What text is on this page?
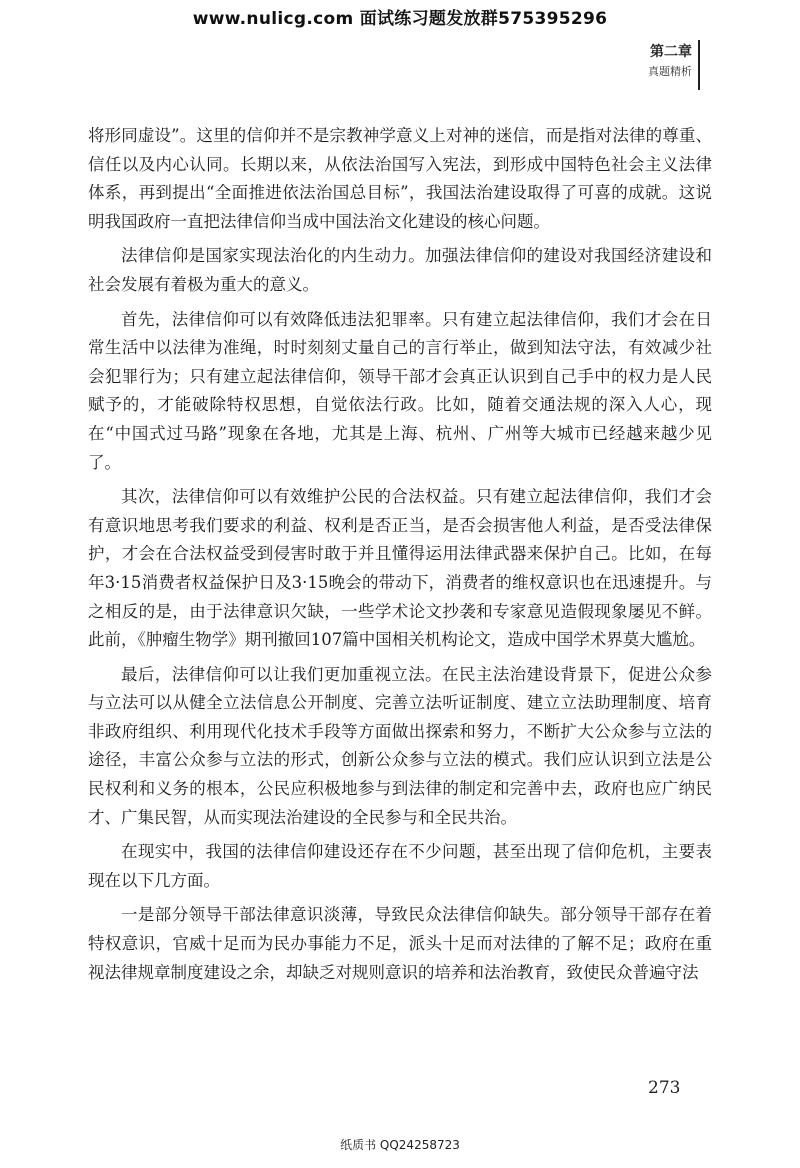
www.nulicg.com 面试练习题发放群575395296
第二章
真题精析

将形同虚设”。这里的信仰并不是宗教神学意义上对神的迷信，而是指对法律的尊重、信任以及内心认同。长期以来，从依法治国写入宪法，到形成中国特色社会主义法律体系，再到提出“全面推进依法治国总目标”，我国法治建设取得了可喜的成就。这说明我国政府一直把法律信仰当成中国法治文化建设的核心问题。

法律信仰是国家实现法治化的内生动力。加强法律信仰的建设对我国经济建设和社会发展有着极为重大的意义。

首先，法律信仰可以有效降低违法犯罪率。只有建立起法律信仰，我们才会在日常生活中以法律为准绳，时时刻刻丈量自己的言行举止，做到知法守法，有效减少社会犯罪行为；只有建立起法律信仰，领导干部才会真正认识到自己手中的权力是人民赋予的，才能破除特权思想，自觉依法行政。比如，随着交通法规的深入人心，现在“中国式过马路”现象在各地，尤其是上海、杭州、广州等大城市已经越来越少见了。

其次，法律信仰可以有效维护公民的合法权益。只有建立起法律信仰，我们才会有意识地思考我们要求的利益、权利是否正当，是否会损害他人利益，是否受法律保护，才会在合法权益受到侵害时敢于并且懂得运用法律武器来保护自己。比如，在每年3·15消费者权益保护日及3·15晚会的带动下，消费者的维权意识也在迅速提升。与之相反的是，由于法律意识欠缺，一些学术论文抄袭和专家意见造假现象屡见不鲜。此前，《肿瘤生物学》期刊撤回107篇中国相关机构论文，造成中国学术界莫大尴尬。

最后，法律信仰可以让我们更加重视立法。在民主法治建设背景下，促进公众参与立法可以从健全立法信息公开制度、完善立法听证制度、建立立法助理制度、培育非政府组织、利用现代化技术手段等方面做出探索和努力，不断扩大公众参与立法的途径，丰富公众参与立法的形式，创新公众参与立法的模式。我们应认识到立法是公民权利和义务的根本，公民应积极地参与到法律的制定和完善中去，政府也应广纳民才、广集民智，从而实现法治建设的全民参与和全民共治。

在现实中，我国的法律信仰建设还存在不少问题，甚至出现了信仰危机，主要表现在以下几方面。

一是部分领导干部法律意识淡薄，导致民众法律信仰缺失。部分领导干部存在着特权意识，官威十足而为民办事能力不足，派头十足而对法律的了解不足；政府在重视法律规章制度建设之余，却缺乏对规则意识的培养和法治教育，致使民众普遍守法

273
纸质书 QQ24258723
